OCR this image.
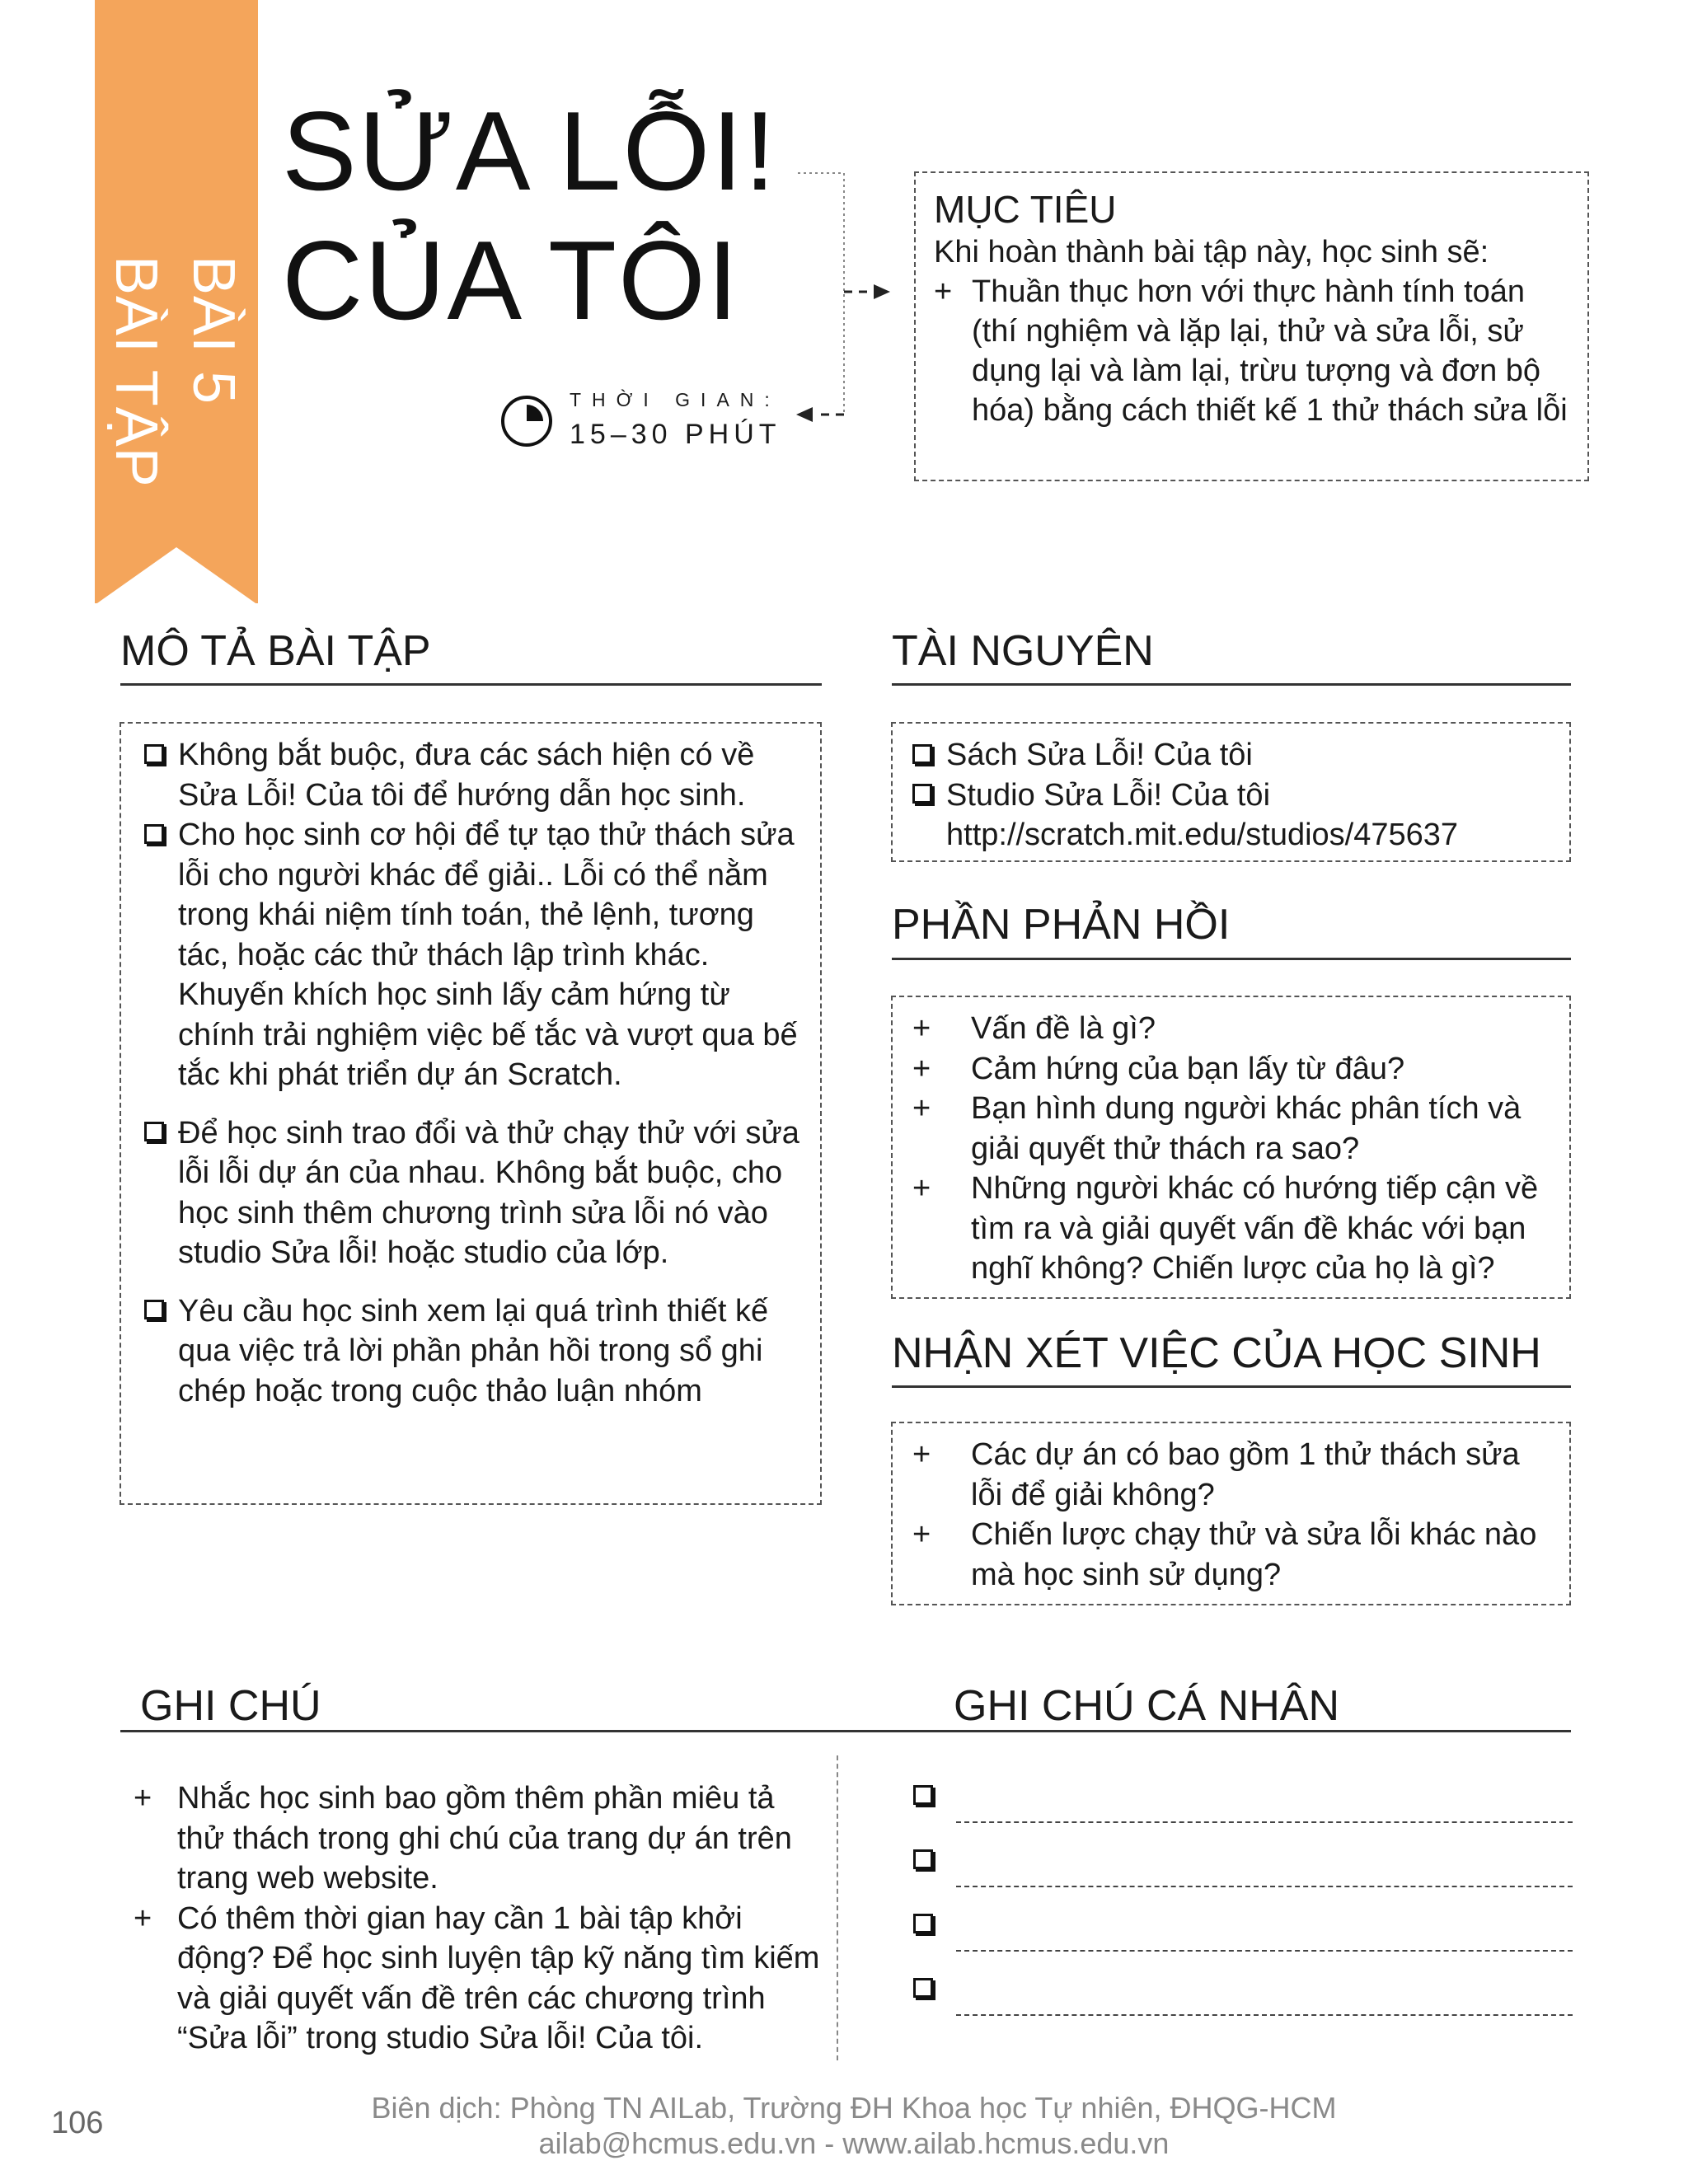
BÀI 5
BÀI TẬP
SỬA LỖI!
CỦA TÔI
THỜI GIAN:
15–30 PHÚT
MỤC TIÊU
Khi hoàn thành bài tập này, học sinh sẽ:
+ Thuần thục hơn với thực hành tính toán (thí nghiệm và lặp lại, thử và sửa lỗi, sử dụng lại và làm lại, trừu tượng và đơn bộ hóa) bằng cách thiết kế 1 thử thách sửa lỗi
MÔ TẢ BÀI TẬP
Không bắt buộc, đưa các sách hiện có về Sửa Lỗi! Của tôi để hướng dẫn học sinh.
Cho học sinh cơ hội để tự tạo thử thách sửa lỗi cho người khác để giải.. Lỗi có thể nằm trong khái niệm tính toán, thẻ lệnh, tương tác, hoặc các thử thách lập trình khác. Khuyến khích học sinh lấy cảm hứng từ chính trải nghiệm việc bế tắc và vượt qua bế tắc khi phát triển dự án Scratch.
Để học sinh trao đổi và thử chạy thử với sửa lỗi lỗi dự án của nhau. Không bắt buộc, cho học sinh thêm chương trình sửa lỗi nó vào studio Sửa lỗi! hoặc studio của lớp.
Yêu cầu học sinh xem lại quá trình thiết kế qua việc trả lời phần phản hồi trong sổ ghi chép hoặc trong cuộc thảo luận nhóm
TÀI NGUYÊN
Sách Sửa Lỗi! Của tôi
Studio Sửa Lỗi! Của tôi
http://scratch.mit.edu/studios/475637
PHẦN PHẢN HỒI
+ Vấn đề là gì?
+ Cảm hứng của bạn lấy từ đâu?
+ Bạn hình dung người khác phân tích và giải quyết thử thách ra sao?
+ Những người khác có hướng tiếp cận về tìm ra và giải quyết vấn đề khác với bạn nghĩ không? Chiến lược của họ là gì?
NHẬN XÉT VIỆC CỦA HỌC SINH
+ Các dự án có bao gồm 1 thử thách sửa lỗi để giải không?
+ Chiến lược chạy thử và sửa lỗi khác nào mà học sinh sử dụng?
GHI CHÚ	GHI CHÚ CÁ NHÂN
+ Nhắc học sinh bao gồm thêm phần miêu tả thử thách trong ghi chú của trang dự án trên trang web website.
+ Có thêm thời gian hay cần 1 bài tập khởi động? Để học sinh luyện tập kỹ năng tìm kiếm và giải quyết vấn đề trên các chương trình “Sửa lỗi” trong studio Sửa lỗi! Của tôi.
106	Biên dịch: Phòng TN AILab, Trường ĐH Khoa học Tự nhiên, ĐHQG-HCM
ailab@hcmus.edu.vn - www.ailab.hcmus.edu.vn
